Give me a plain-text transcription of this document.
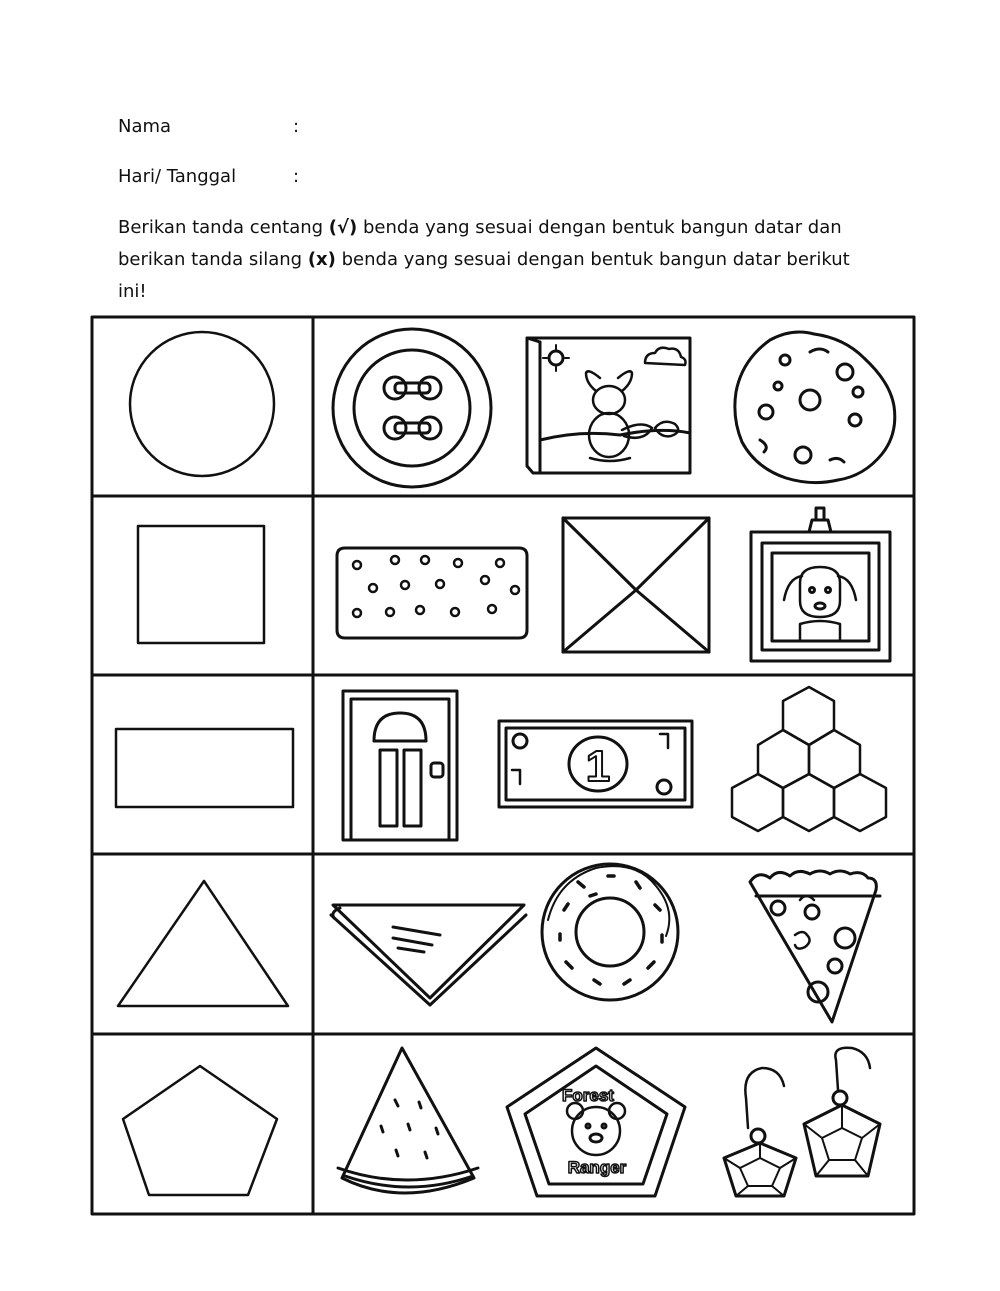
Nama	:
Hari/ Tanggal	:
Berikan tanda centang (√) benda yang sesuai dengan bentuk bangun datar dan berikan tanda silang (x) benda yang sesuai dengan bentuk bangun datar berikut ini!
1
Forest
Ranger
